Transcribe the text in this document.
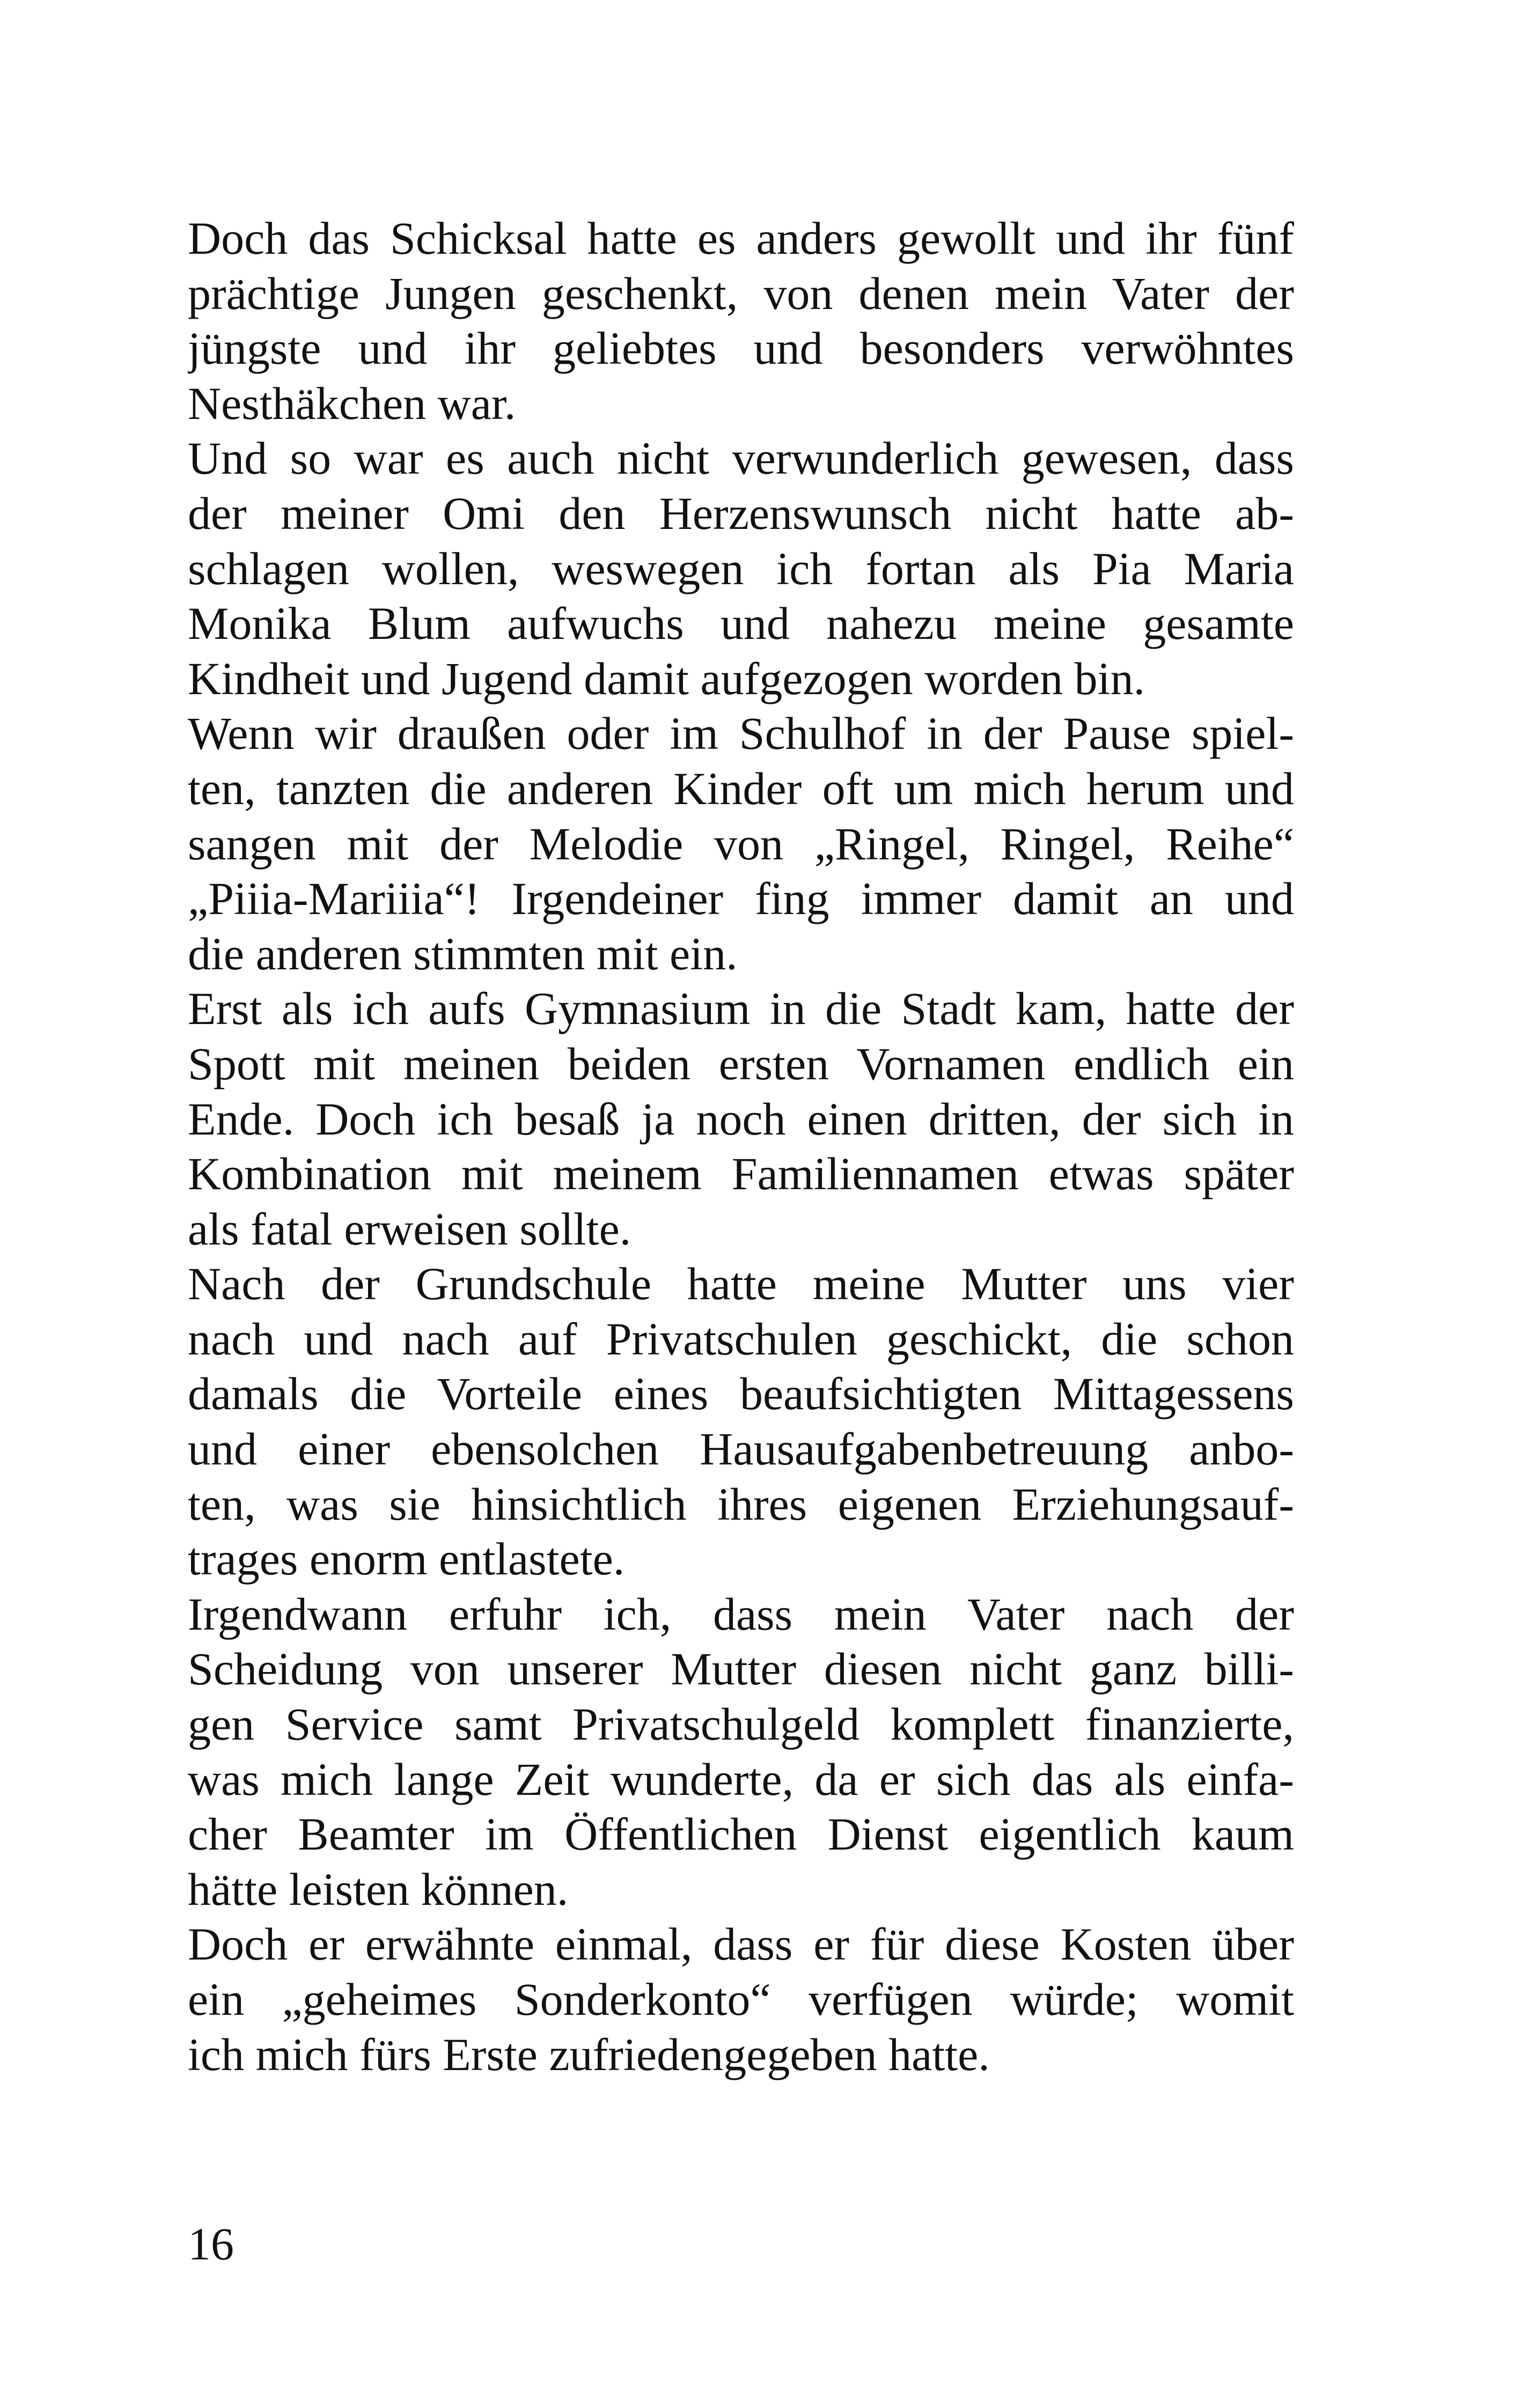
Doch das Schicksal hatte es anders gewollt und ihr fünf
prächtige Jungen geschenkt, von denen mein Vater der
jüngste und ihr geliebtes und besonders verwöhntes
Nesthäkchen war.
Und so war es auch nicht verwunderlich gewesen, dass
der meiner Omi den Herzenswunsch nicht hatte ab-
schlagen wollen, weswegen ich fortan als Pia Maria
Monika Blum aufwuchs und nahezu meine gesamte
Kindheit und Jugend damit aufgezogen worden bin.
Wenn wir draußen oder im Schulhof in der Pause spiel-
ten, tanzten die anderen Kinder oft um mich herum und
sangen mit der Melodie von „Ringel, Ringel, Reihe“
„Piiia-Mariiia“! Irgendeiner fing immer damit an und
die anderen stimmten mit ein.
Erst als ich aufs Gymnasium in die Stadt kam, hatte der
Spott mit meinen beiden ersten Vornamen endlich ein
Ende. Doch ich besaß ja noch einen dritten, der sich in
Kombination mit meinem Familiennamen etwas später
als fatal erweisen sollte.
Nach der Grundschule hatte meine Mutter uns vier
nach und nach auf Privatschulen geschickt, die schon
damals die Vorteile eines beaufsichtigten Mittagessens
und einer ebensolchen Hausaufgabenbetreuung anbo-
ten, was sie hinsichtlich ihres eigenen Erziehungsauf-
trages enorm entlastete.
Irgendwann erfuhr ich, dass mein Vater nach der
Scheidung von unserer Mutter diesen nicht ganz billi-
gen Service samt Privatschulgeld komplett finanzierte,
was mich lange Zeit wunderte, da er sich das als einfa-
cher Beamter im Öffentlichen Dienst eigentlich kaum
hätte leisten können.
Doch er erwähnte einmal, dass er für diese Kosten über
ein „geheimes Sonderkonto“ verfügen würde; womit
ich mich fürs Erste zufriedengegeben hatte.
16
